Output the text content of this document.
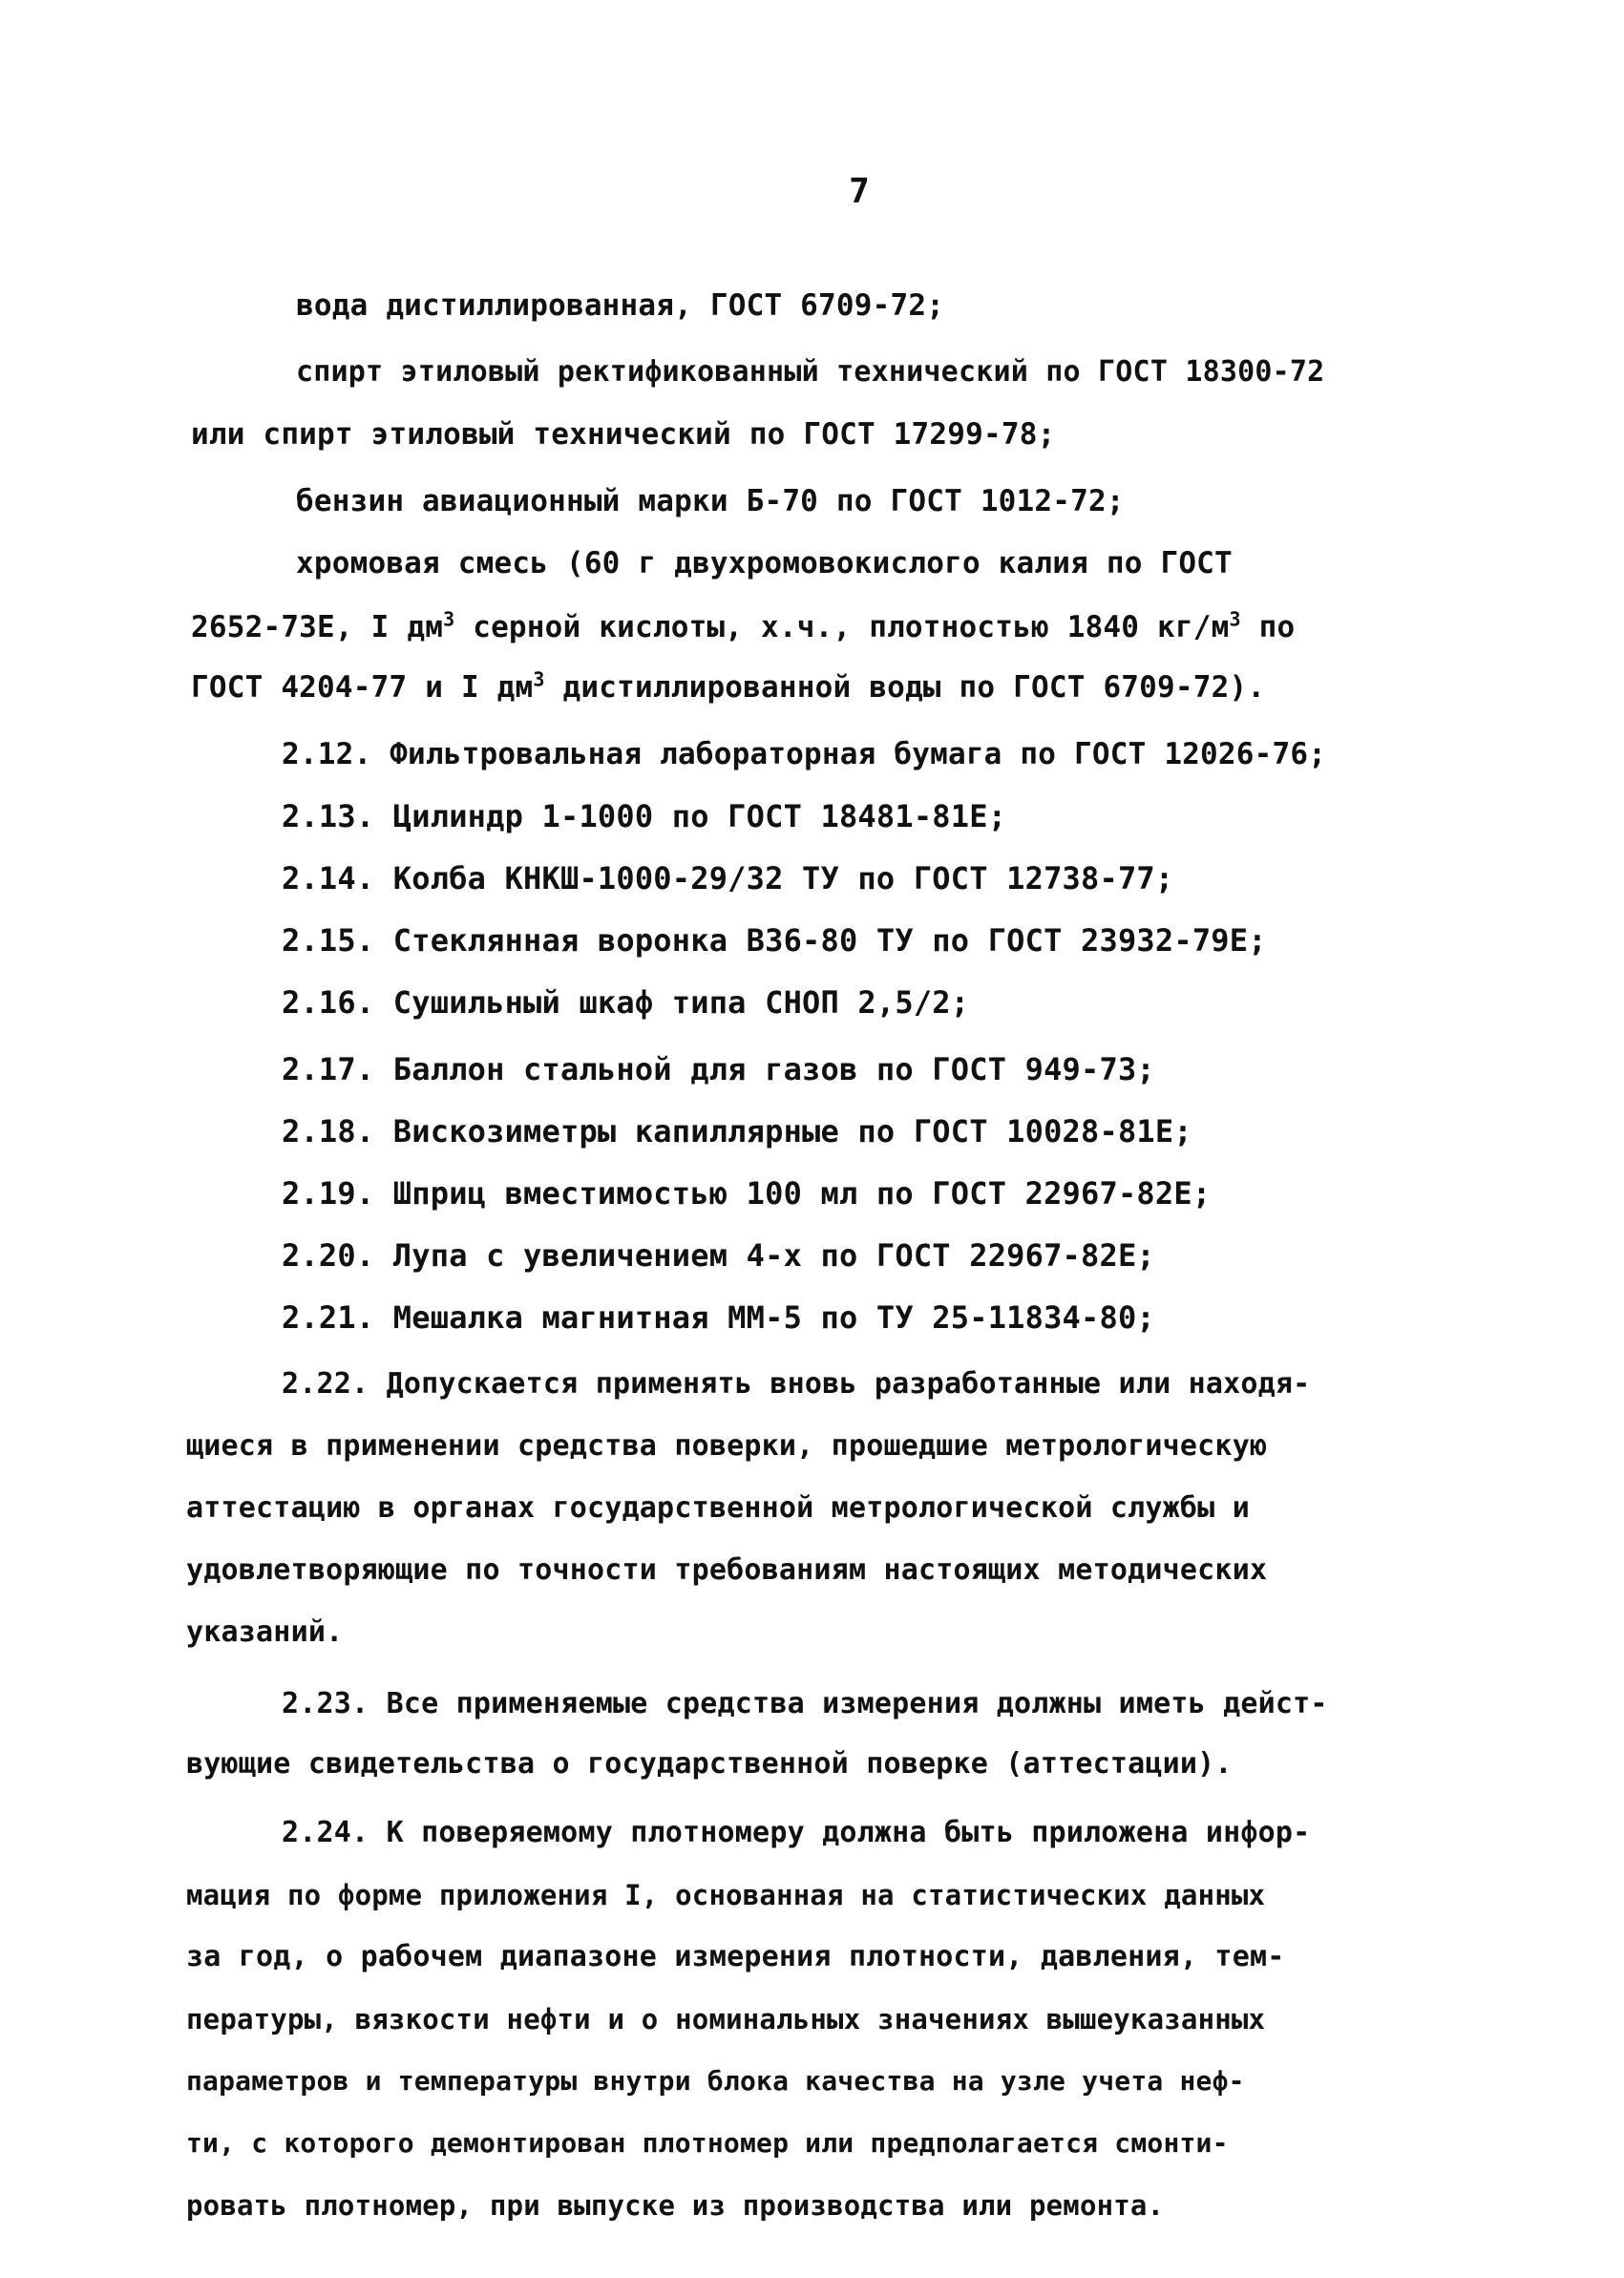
7
вода дистиллированная, ГОСТ 6709-72;
спирт этиловый ректификованный технический по ГОСТ 18300-72
или спирт этиловый технический по ГОСТ 17299-78;
бензин авиационный марки Б-70 по ГОСТ 1012-72;
хромовая смесь (60 г двухромовокислого калия по ГОСТ
2652-73Е, I $дм^3$ серной кислоты, х.ч., плотностью 1840 $кг/м^3$ по
ГОСТ 4204-77 и I $дм^3$ дистиллированной воды по ГОСТ 6709-72).
2.12. Фильтровальная лабораторная бумага по ГОСТ 12026-76;
2.13. Цилиндр 1-1000 по ГОСТ 18481-81Е;
2.14. Колба КНКШ-1000-29/32 ТУ по ГОСТ 12738-77;
2.15. Стеклянная воронка В36-80 ТУ по ГОСТ 23932-79Е;
2.16. Сушильный шкаф типа СНОП 2,5/2;
2.17. Баллон стальной для газов по ГОСТ 949-73;
2.18. Вискозиметры капиллярные по ГОСТ 10028-81Е;
2.19. Шприц вместимостью 100 мл по ГОСТ 22967-82Е;
2.20. Лупа с увеличением 4-х по ГОСТ 22967-82Е;
2.21. Мешалка магнитная ММ-5 по ТУ 25-11834-80;
2.22. Допускается применять вновь разработанные или находя-
щиеся в применении средства поверки, прошедшие метрологическую
аттестацию в органах государственной метрологической службы и
удовлетворяющие по точности требованиям настоящих методических
указаний.
2.23. Все применяемые средства измерения должны иметь дейст-
вующие свидетельства о государственной поверке (аттестации).
2.24. К поверяемому плотномеру должна быть приложена инфор-
мация по форме приложения I, основанная на статистических данных
за год, о рабочем диапазоне измерения плотности, давления, тем-
пературы, вязкости нефти и о номинальных значениях вышеуказанных
параметров и температуры внутри блока качества на узле учета неф-
ти, с которого демонтирован плотномер или предполагается смонти-
ровать плотномер, при выпуске из производства или ремонта.
